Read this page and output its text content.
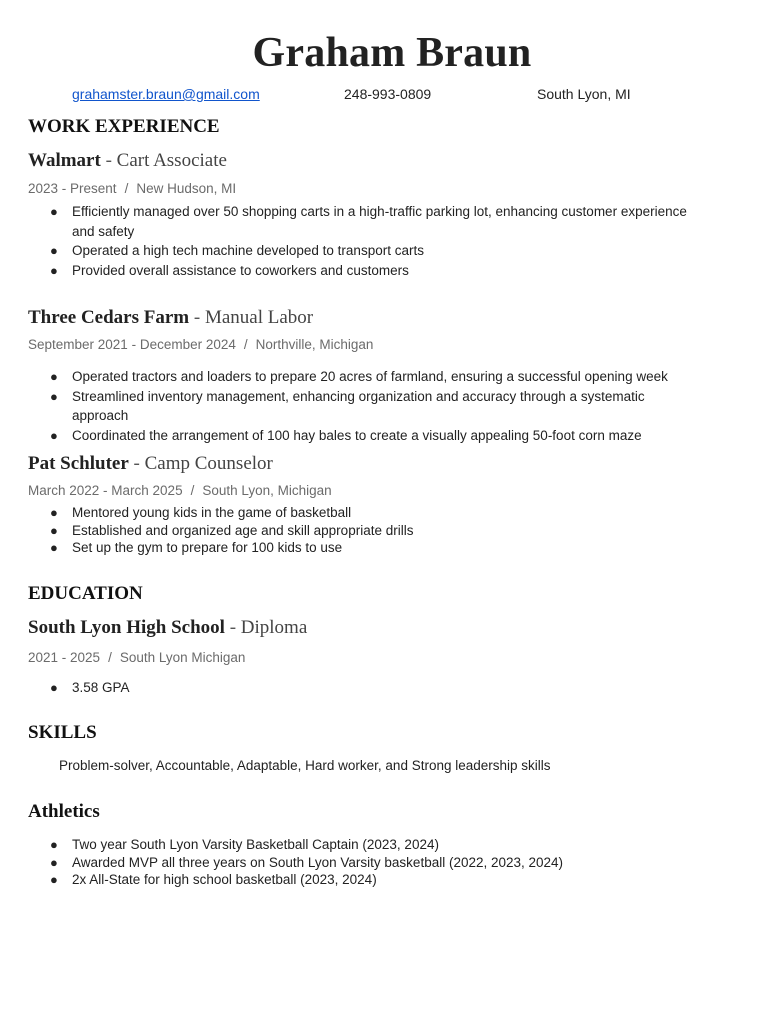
Graham Braun
grahamster.braun@gmail.com	248-993-0809	South Lyon, MI
WORK EXPERIENCE
Walmart - Cart Associate
2023 - Present / New Hudson, MI
● Efficiently managed over 50 shopping carts in a high-traffic parking lot, enhancing customer experience and safety
● Operated a high tech machine developed to transport carts
● Provided overall assistance to coworkers and customers
Three Cedars Farm - Manual Labor
September 2021 - December 2024 / Northville, Michigan
● Operated tractors and loaders to prepare 20 acres of farmland, ensuring a successful opening week
● Streamlined inventory management, enhancing organization and accuracy through a systematic approach
● Coordinated the arrangement of 100 hay bales to create a visually appealing 50-foot corn maze
Pat Schluter - Camp Counselor
March 2022 - March 2025 / South Lyon, Michigan
● Mentored young kids in the game of basketball
● Established and organized age and skill appropriate drills
● Set up the gym to prepare for 100 kids to use
EDUCATION
South Lyon High School - Diploma
2021 - 2025 / South Lyon Michigan
● 3.58 GPA
SKILLS
Problem-solver, Accountable, Adaptable, Hard worker, and Strong leadership skills
Athletics
● Two year South Lyon Varsity Basketball Captain (2023, 2024)
● Awarded MVP all three years on South Lyon Varsity basketball (2022, 2023, 2024)
● 2x All-State for high school basketball (2023, 2024)
